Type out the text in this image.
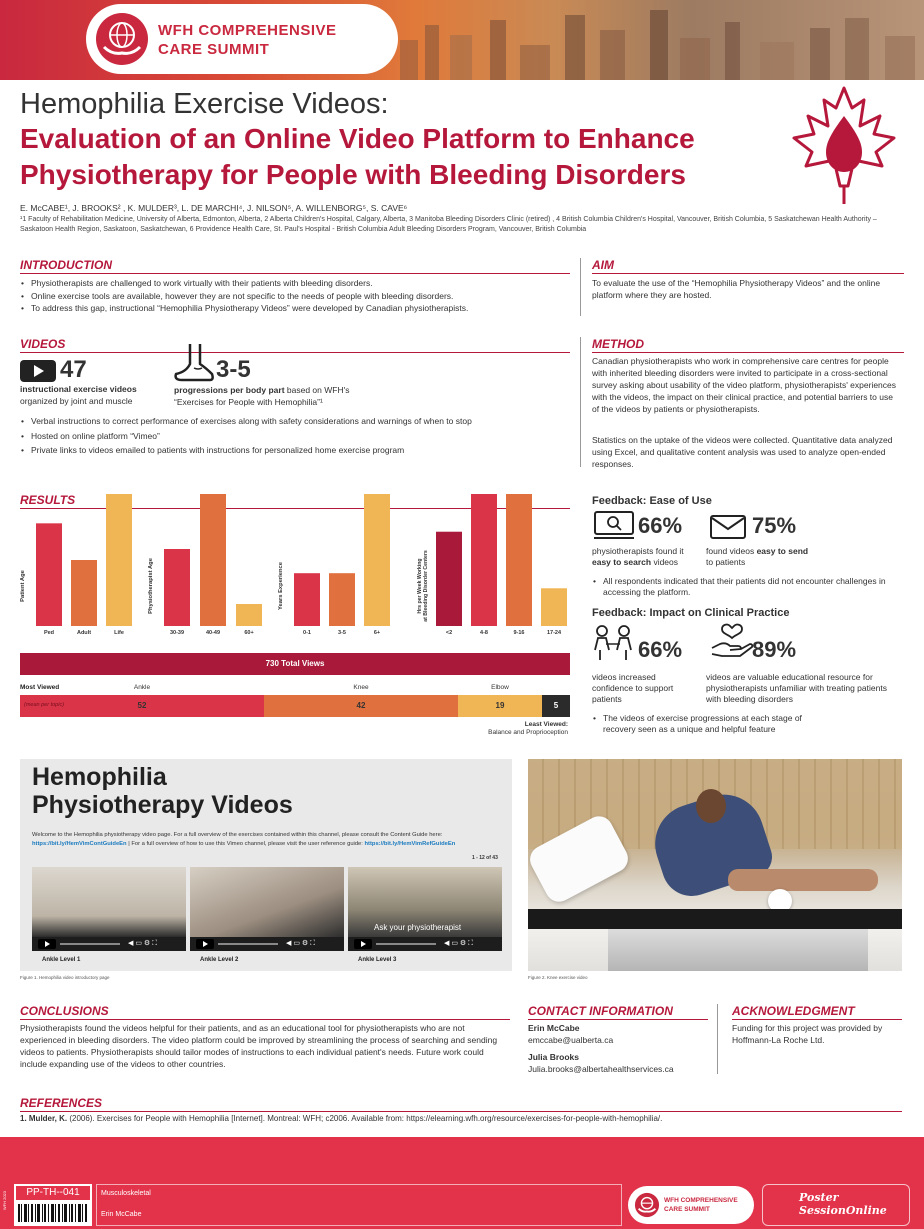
WFH COMPREHENSIVE
CARE SUMMIT
Hemophilia Exercise Videos:
Evaluation of an Online Video Platform to Enhance
Physiotherapy for People with Bleeding Disorders
E. McCABE¹, J. BROOKS² , K. MULDER³, L. DE MARCHI⁴, J. NILSON⁵, A. WILLENBORG⁵, S. CAVE⁶
¹1 Faculty of Rehabilitation Medicine, University of Alberta, Edmonton, Alberta, 2 Alberta Children's Hospital, Calgary, Alberta, 3 Manitoba Bleeding Disorders Clinic (retired) , 4 British Columbia Children's Hospital, Vancouver, British Columbia, 5 Saskatchewan Health Authority – Saskatoon Health Region, Saskatoon, Saskatchewan, 6 Providence Health Care, St. Paul's Hospital - British Columbia Adult Bleeding Disorders Program, Vancouver, British Columbia
INTRODUCTION
• Physiotherapists are challenged to work virtually with their patients with bleeding disorders.
• Online exercise tools are available, however they are not specific to the needs of people with bleeding disorders.
• To address this gap, instructional “Hemophilia Physiotherapy Videos” were developed by Canadian physiotherapists.
AIM
To evaluate the use of the “Hemophilia Physiotherapy Videos” and the online platform where they are hosted.
VIDEOS
47
instructional exercise videos
organized by joint and muscle
3-5
progressions per body part based on WFH's “Exercises for People with Hemophilia”¹
• Verbal instructions to correct performance of exercises along with safety considerations and warnings of when to stop
• Hosted on online platform “Vimeo”
• Private links to videos emailed to patients with instructions for personalized home exercise program
METHOD
Canadian physiotherapists who work in comprehensive care centres for people with inherited bleeding disorders were invited to participate in a cross-sectional survey asking about usability of the video platform, physiotherapists' experiences with the videos, the impact on their clinical practice, and potential barriers to use of the videos by patients or physiotherapists.
Statistics on the uptake of the videos were collected. Quantitative data analyzed using Excel, and qualitative content analysis was used to analyze open-ended responses.
RESULTS
Patient Age
Ped	Adult	Life
Physiotherapist Age
30-39	40-49	60+
Years Experience
0-1	3-5	6+
Hrs per Week Workingat Bleeding Disorder Centers
<2	4-8	9-16	17-24
730 Total Views
Most Viewed
52
Ankle
42
Knee
19
Elbow
5
(mean per topic)
Least Viewed:
Balance and Proprioception
Feedback: Ease of Use
66%
physiotherapists found it easy to search videos
75%
found videos easy to send to patients
• All respondents indicated that their patients did not encounter challenges in accessing the platform.
Feedback: Impact on Clinical Practice
66%
videos increased confidence to support patients
89%
videos are valuable educational resource for physiotherapists unfamiliar with treating patients with bleeding disorders
• The videos of exercise progressions at each stage of recovery seen as a unique and helpful feature
Hemophilia
Physiotherapy Videos
Welcome to the Hemophilia physiotherapy video page. For a full overview of the exercises contained within this channel, please consult the Content Guide here: https://bit.ly/HemVimContGuideEn | For a full overview of how to use this Vimeo channel, please visit the user reference guide: https://bit.ly/HemVimRefGuideEn
1 - 12 of 43
◀︎ ▭ ⚙ ⛶	◀︎ ▭ ⚙ ⛶
Ask your physiotherapist
◀︎ ▭ ⚙ ⛶
Ankle Level 1	Ankle Level 2	Ankle Level 3
Figure 1. Hemophilia video introductory page	Figure 2. Knee exercise video
CONCLUSIONS
Physiotherapists found the videos helpful for their patients, and as an educational tool for physiotherapists who are not experienced in bleeding disorders. The video platform could be improved by streamlining the process of searching and sending videos to patients. Physiotherapists should tailor modes of instructions to each individual patient's needs. Future work could include expanding use of the videos to other countries.
CONTACT INFORMATION
Erin McCabe
emccabe@ualberta.ca
Julia Brooks
Julia.brooks@albertahealthservices.ca
ACKNOWLEDGMENT
Funding for this project was provided by Hoffmann-La Roche Ltd.
REFERENCES
1. Mulder, K. (2006). Exercises for People with Hemophilia [Internet]. Montreal: WFH; c2006. Available from: https://elearning.wfh.org/resource/exercises-for-people-with-hemophilia/.
WFH 2023	PP-TH--041	Musculoskeletal
Erin McCabe
WFH COMPREHENSIVE
CARE SUMMIT
Poster
SessionOnline
